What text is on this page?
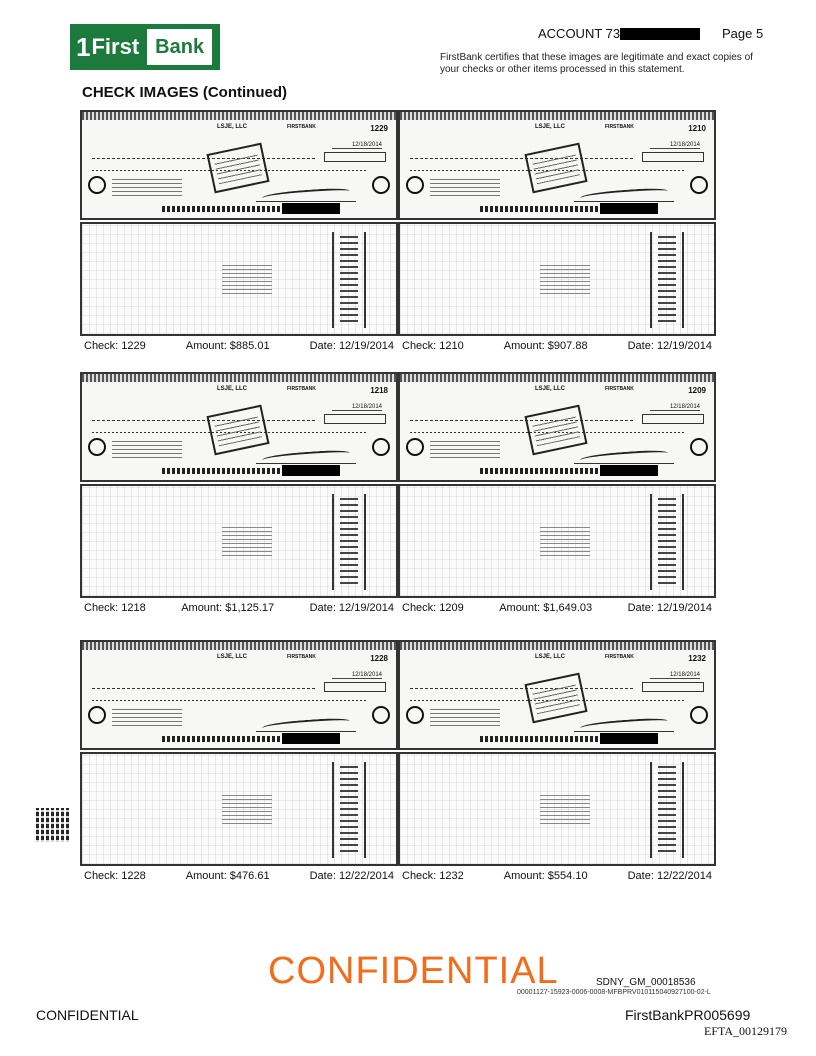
1 First Bank
ACCOUNT 73	Page 5
FirstBank certifies that these images are legitimate and exact copies of your checks or other items processed in this statement.
CHECK IMAGES (Continued)
LSJE, LLC	FIRSTBANK	1229
12/18/2014
Check: 1229	Amount: $885.01	Date: 12/19/2014
LSJE, LLC	FIRSTBANK	1210
12/18/2014
Check: 1210	Amount: $907.88	Date: 12/19/2014
LSJE, LLC	FIRSTBANK	1218
12/18/2014
Check: 1218	Amount: $1,125.17	Date: 12/19/2014
LSJE, LLC	FIRSTBANK	1209
12/18/2014
Check: 1209	Amount: $1,649.03	Date: 12/19/2014
LSJE, LLC	FIRSTBANK	1228
12/18/2014
Check: 1228	Amount: $476.61	Date: 12/22/2014
LSJE, LLC	FIRSTBANK	1232
12/18/2014
Check: 1232	Amount: $554.10	Date: 12/22/2014
CONFIDENTIAL	SDNY_GM_00018536
00001127-15923-0006-0008-MFBPRV010115040927100-02-L
CONFIDENTIAL	FirstBankPR005699
EFTA_00129179
